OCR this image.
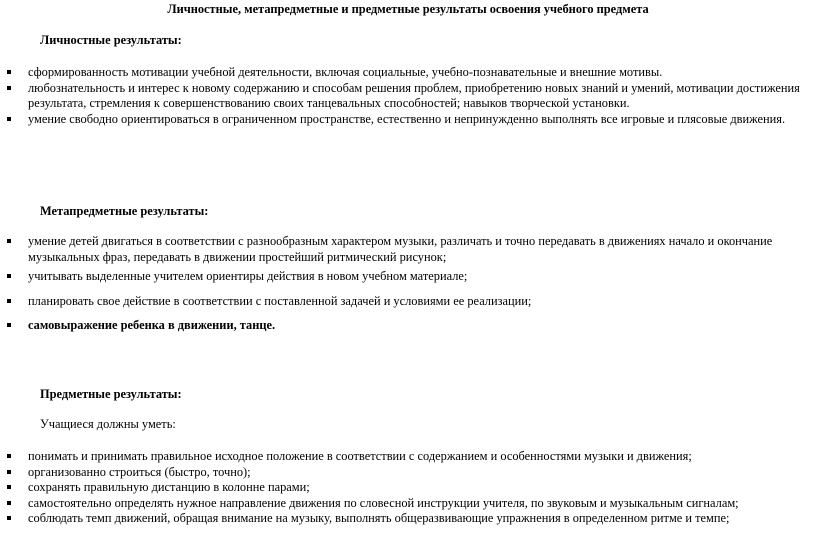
Личностные, метапредметные и предметные результаты освоения учебного предмета
Личностные результаты:
сформированность мотивации учебной деятельности, включая социальные, учебно-познавательные и внешние мотивы.
любознательность и интерес к новому содержанию и способам решения проблем, приобретению новых знаний и умений, мотивации достижения результата, стремления к совершенствованию своих танцевальных способностей; навыков творческой установки.
умение свободно ориентироваться в ограниченном пространстве, естественно и непринужденно выполнять все игровые и плясовые движения.
Метапредметные результаты:
умение детей двигаться в соответствии с разнообразным характером музыки, различать и точно передавать в движениях начало и окончание музыкальных фраз, передавать в движении простейший ритмический рисунок;
учитывать выделенные учителем ориентиры действия в новом учебном материале;
планировать свое действие в соответствии с поставленной задачей и условиями ее реализации;
самовыражение ребенка в движении, танце.
Предметные результаты:
Учащиеся должны уметь:
понимать и принимать правильное исходное положение в соответствии с содержанием и особенностями музыки и движения;
организованно строиться (быстро, точно);
сохранять правильную дистанцию в колонне парами;
самостоятельно определять нужное направление движения по словесной инструкции учителя, по звуковым и музыкальным сигналам;
соблюдать темп движений, обращая внимание на музыку, выполнять общеразвивающие упражнения в определенном ритме и темпе;
